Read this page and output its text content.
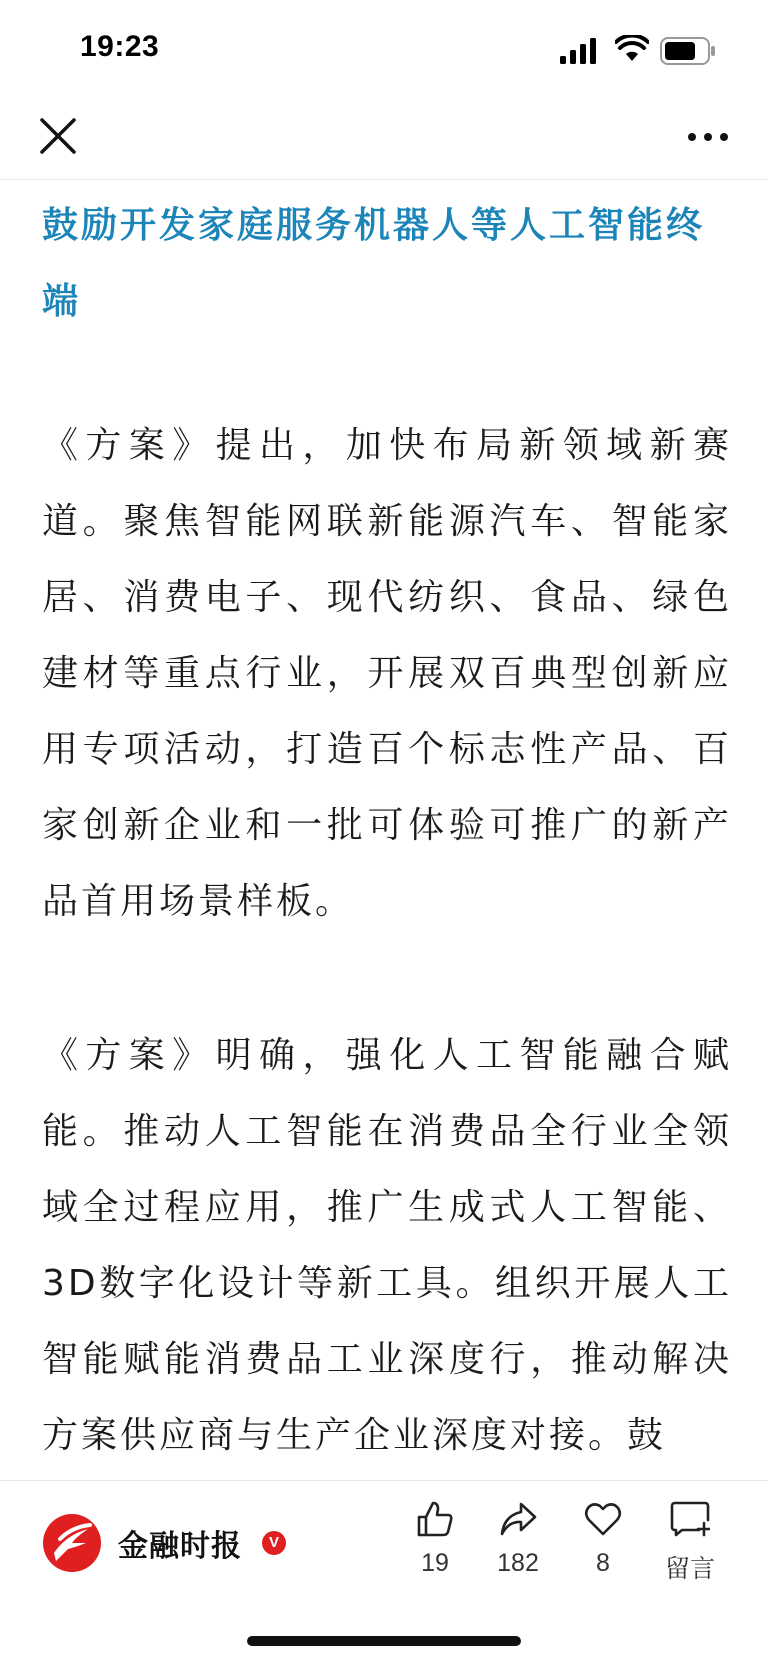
19:23
鼓励开发家庭服务机器人等人工智能终端

《方案》提出，加快布局新领域新赛道。聚焦智能网联新能源汽车、智能家居、消费电子、现代纺织、食品、绿色建材等重点行业，开展双百典型创新应用专项活动，打造百个标志性产品、百家创新企业和一批可体验可推广的新产品首用场景样板。

《方案》明确，强化人工智能融合赋能。推动人工智能在消费品全行业全领域全过程应用，推广生成式人工智能、3D数字化设计等新工具。组织开展人工智能赋能消费品工业深度行，推动解决方案供应商与生产企业深度对接。鼓

金融时报	V
19	182	8	留言
